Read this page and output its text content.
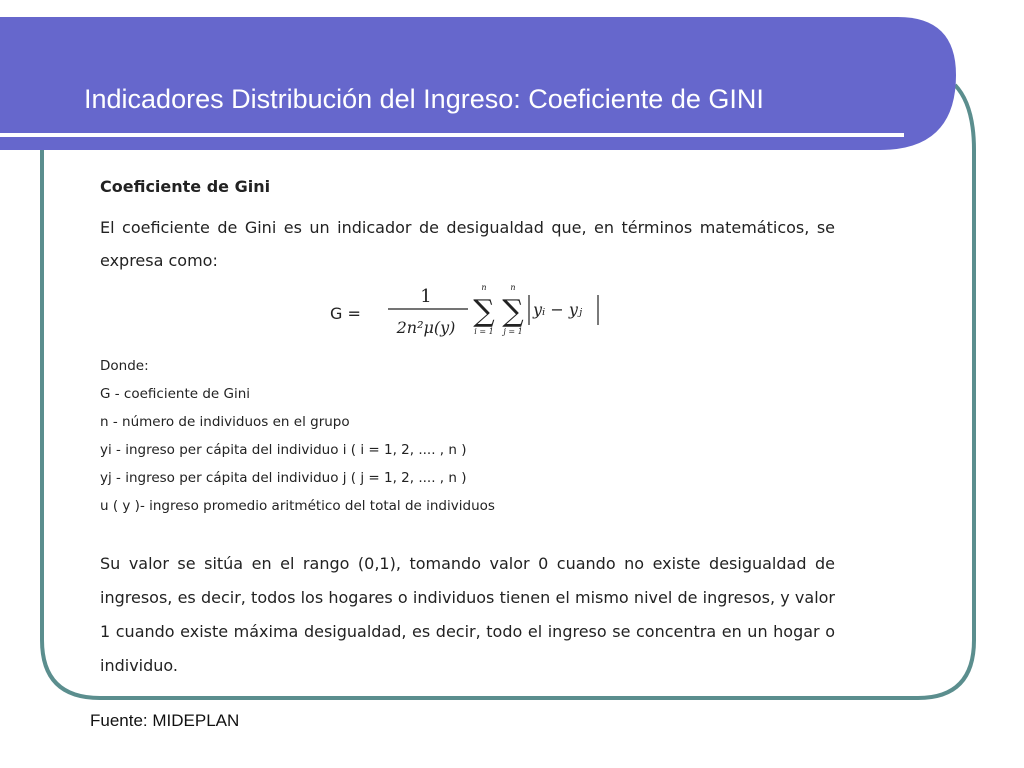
Indicadores Distribución del Ingreso: Coeficiente de GINI
Coeficiente de Gini
El coeficiente de Gini es un indicador de desigualdad que, en términos matemáticos, se expresa como:
G =
1
2n²μ(y)
n
∑
i = 1
n
∑
j = 1
yᵢ − yⱼ
Donde:
G - coeficiente de Gini
n - número de individuos en el grupo
yi - ingreso per cápita del individuo i ( i = 1, 2, .... , n )
yj - ingreso per cápita del individuo j ( j = 1, 2, .... , n )
u ( y )- ingreso promedio aritmético del total de individuos
Su valor se sitúa en el rango (0,1), tomando valor 0 cuando no existe desigualdad de ingresos, es decir, todos los hogares o individuos tienen el mismo nivel de ingresos, y valor 1 cuando existe máxima desigualdad, es decir, todo el ingreso se concentra en un hogar o individuo.
Fuente: MIDEPLAN
